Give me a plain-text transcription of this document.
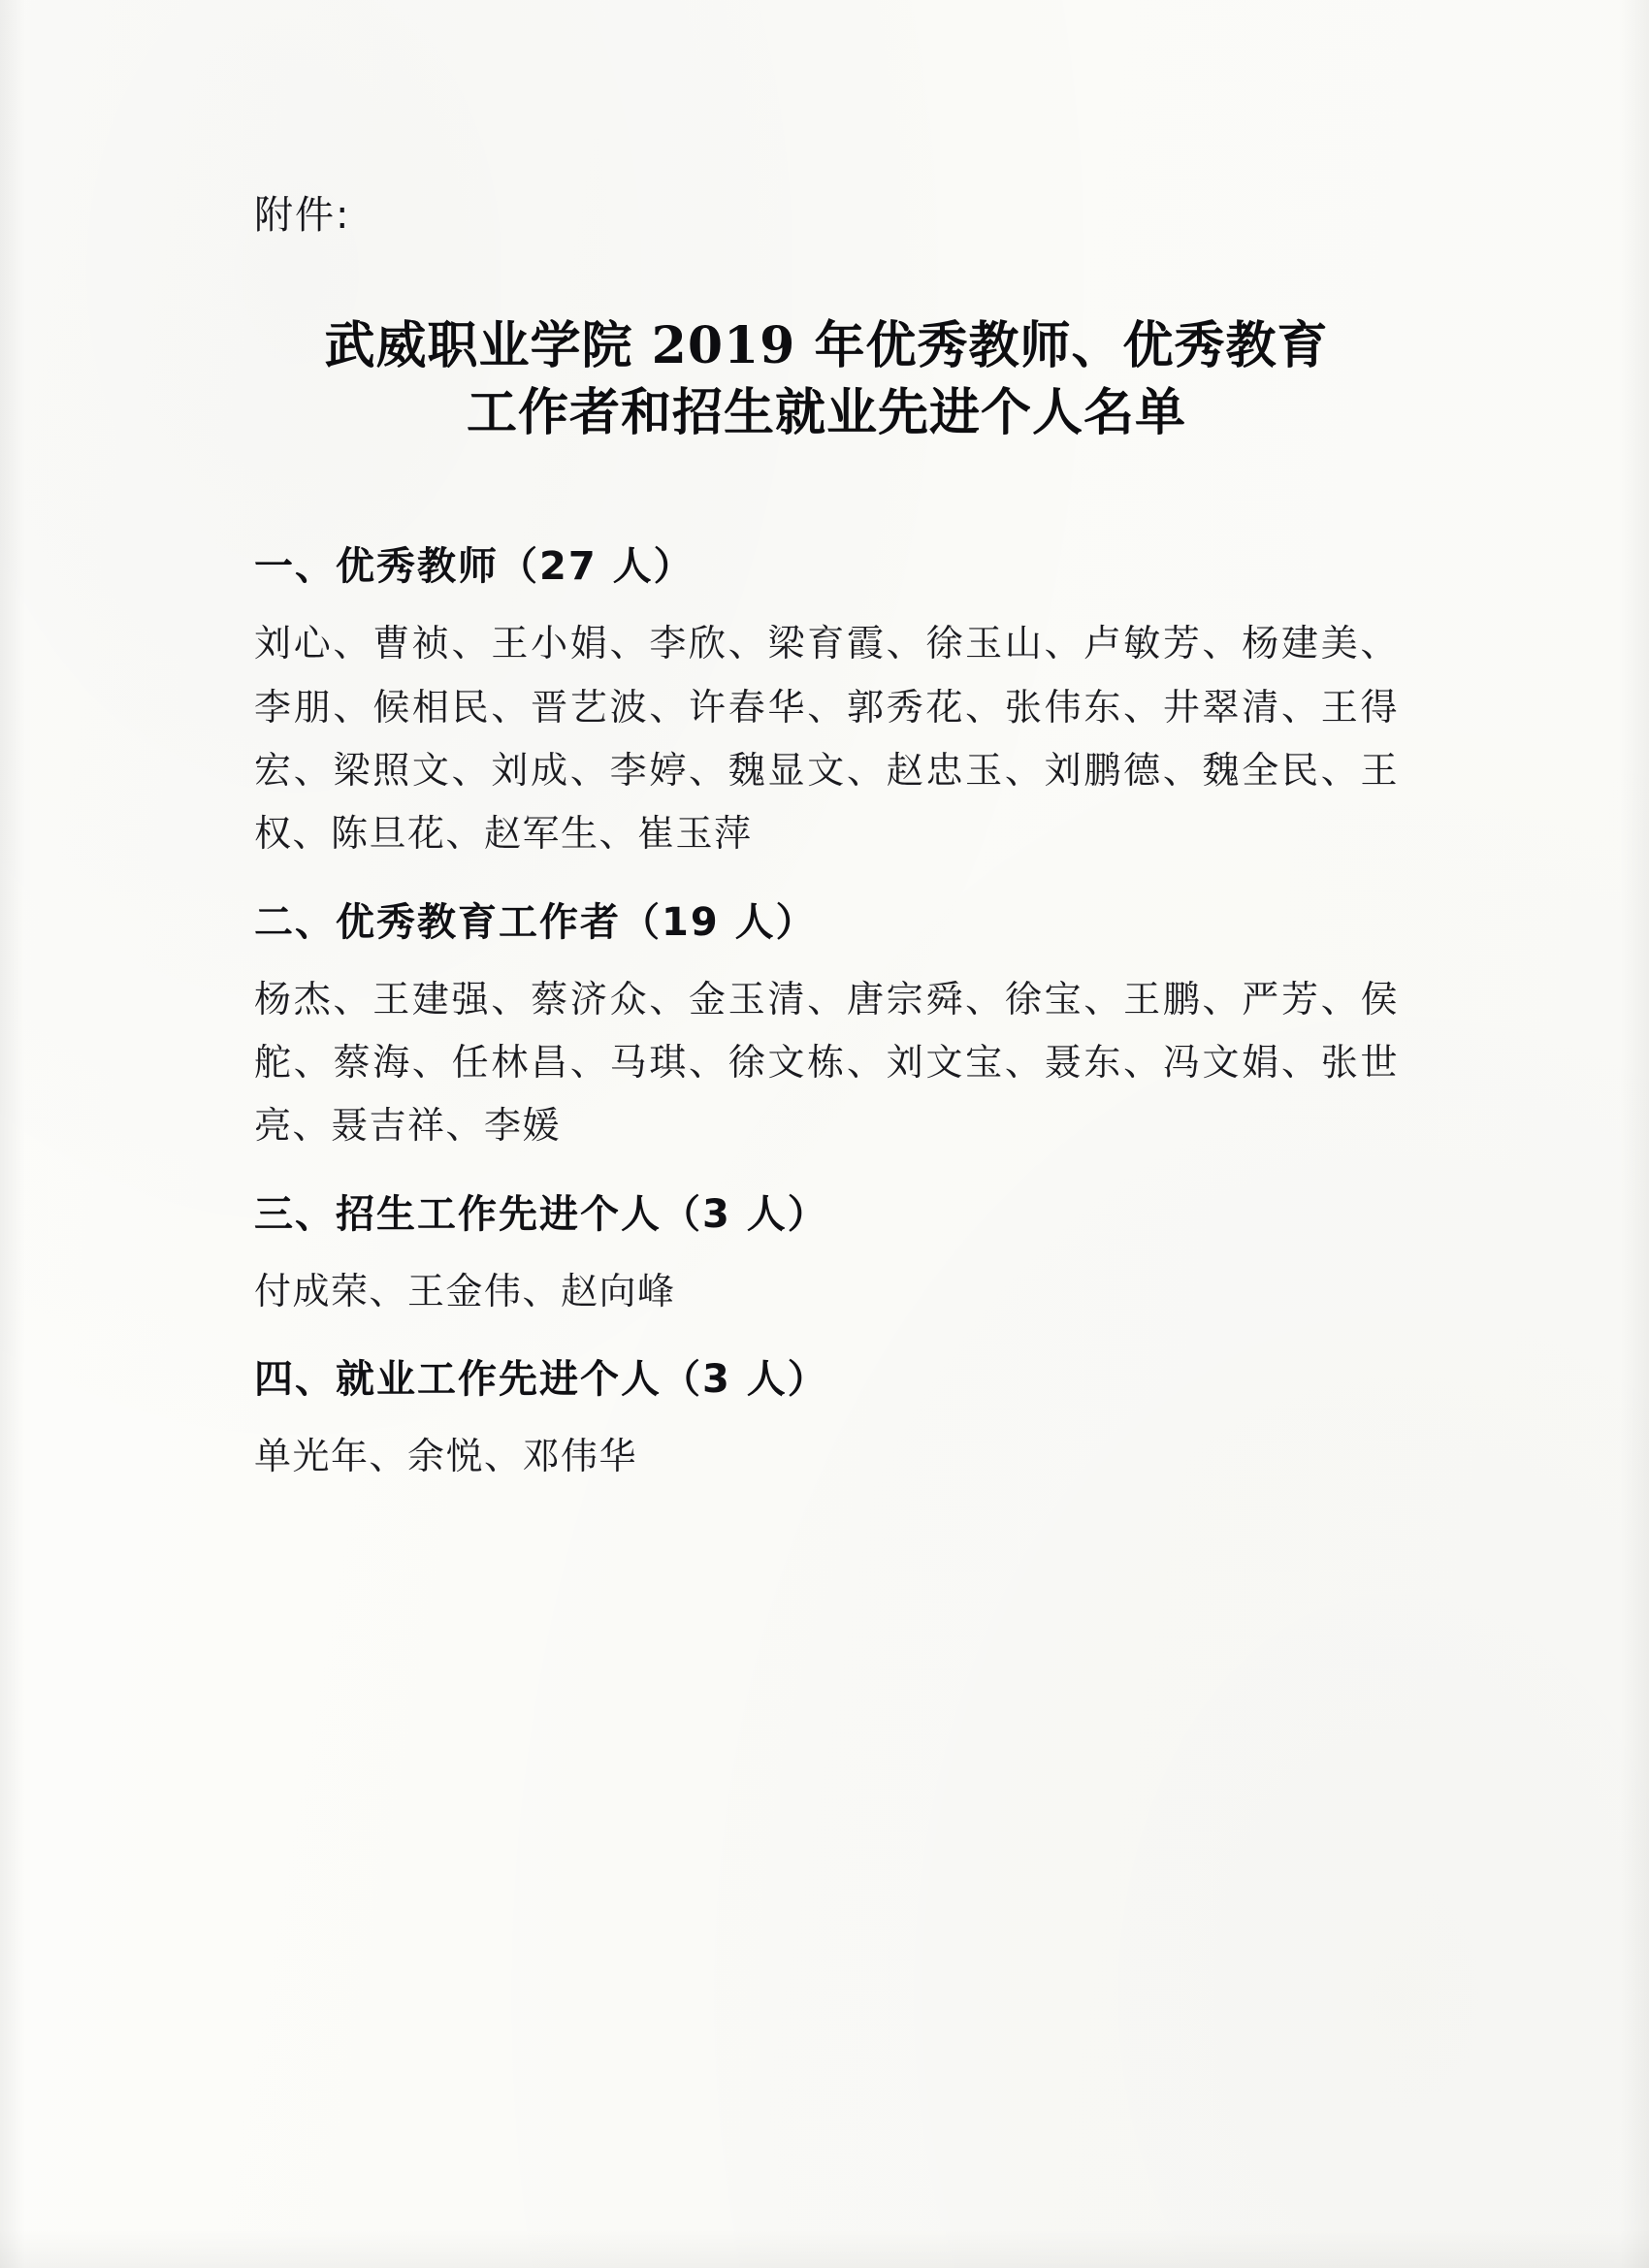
附件:
武威职业学院 2019 年优秀教师、优秀教育
工作者和招生就业先进个人名单
一、优秀教师（27 人）
刘心、曹祯、王小娟、李欣、梁育霞、徐玉山、卢敏芳、杨建美、李朋、候相民、晋艺波、许春华、郭秀花、张伟东、井翠清、王得宏、梁照文、刘成、李婷、魏显文、赵忠玉、刘鹏德、魏全民、王权、陈旦花、赵军生、崔玉萍
二、优秀教育工作者（19 人）
杨杰、王建强、蔡济众、金玉清、唐宗舜、徐宝、王鹏、严芳、侯舵、蔡海、任林昌、马琪、徐文栋、刘文宝、聂东、冯文娟、张世亮、聂吉祥、李媛
三、招生工作先进个人（3 人）
付成荣、王金伟、赵向峰
四、就业工作先进个人（3 人）
单光年、余悦、邓伟华
